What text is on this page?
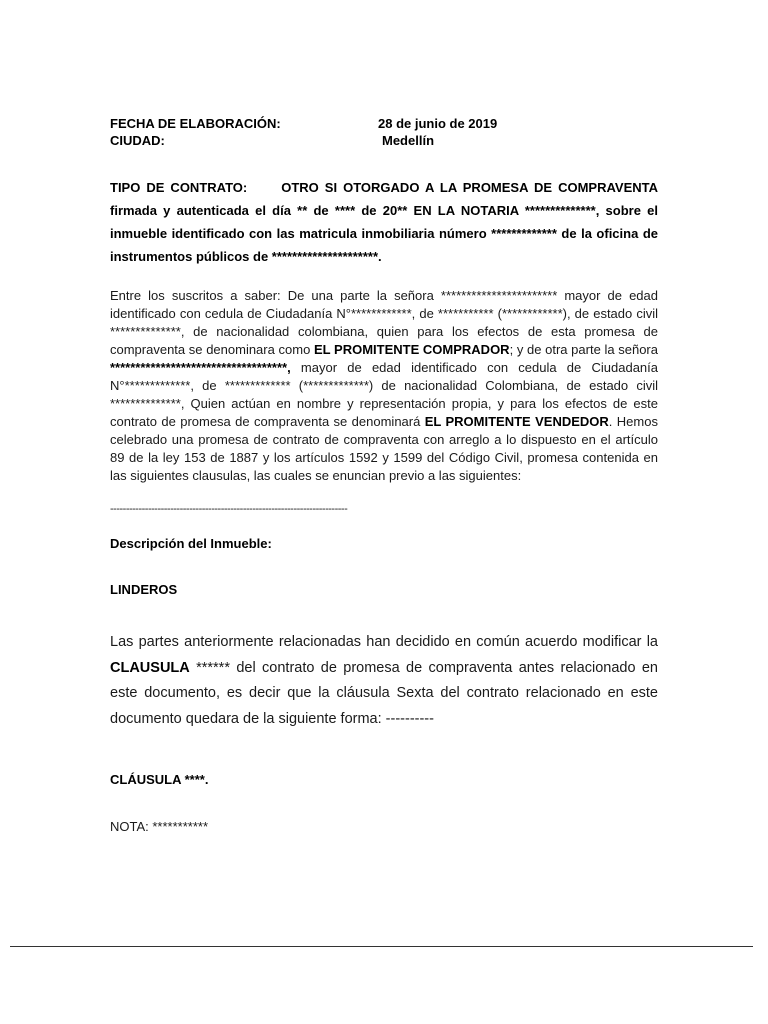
FECHA DE ELABORACIÓN:	28 de junio de 2019
CIUDAD:	Medellín
TIPO DE CONTRATO:	OTRO SI OTORGADO A LA PROMESA DE COMPRAVENTA firmada y autenticada el día ** de **** de 20** EN LA NOTARIA **************, sobre el inmueble identificado con las matricula inmobiliaria número ************* de la oficina de instrumentos públicos de *********************.
Entre los suscritos a saber: De una parte la señora *********************** mayor de edad identificado con cedula de Ciudadanía N°************, de *********** (************), de estado civil **************, de nacionalidad colombiana, quien para los efectos de esta promesa de compraventa se denominara como EL PROMITENTE COMPRADOR; y de otra parte la señora ***********************************, mayor de edad identificado con cedula de Ciudadanía N°*************, de ************* (*************) de nacionalidad Colombiana, de estado civil **************, Quien actúan en nombre y representación propia, y para los efectos de este contrato de promesa de compraventa se denominará EL PROMITENTE VENDEDOR. Hemos celebrado una promesa de contrato de compraventa con arreglo a lo dispuesto en el artículo 89 de la ley 153 de 1887 y los artículos 1592 y 1599 del Código Civil, promesa contenida en las siguientes clausulas, las cuales se enuncian previo a las siguientes:
---------------------------------------------------------------------------
Descripción del Inmueble:
LINDEROS
Las partes anteriormente relacionadas han decidido en común acuerdo modificar la CLAUSULA ****** del contrato de promesa de compraventa antes relacionado en este documento, es decir que la cláusula Sexta del contrato relacionado en este documento quedara de la siguiente forma: ----------
CLÁUSULA ****.
NOTA: ***********
